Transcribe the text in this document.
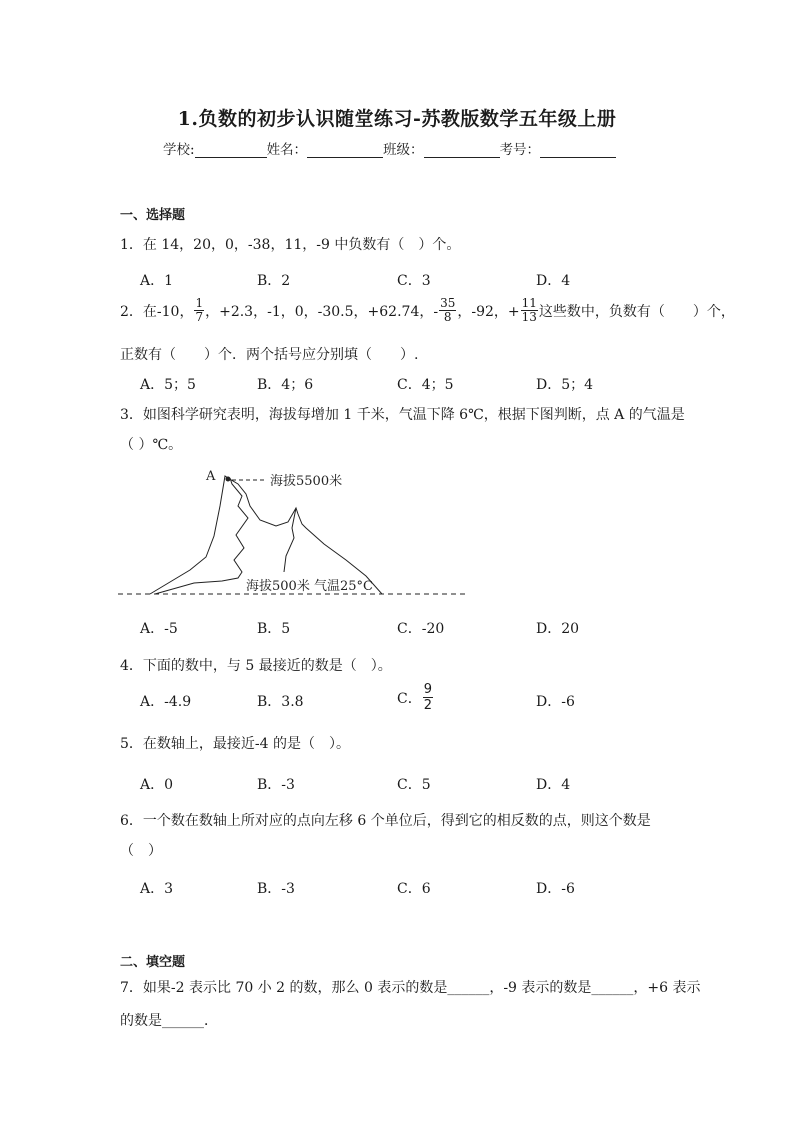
1.负数的初步认识随堂练习-苏教版数学五年级上册
学校:	姓名：	班级：	考号：
一、选择题
1．在 14，20，0，-38，11，-9 中负数有（　）个。
A．1	B．2	C．3	D．4
2．在-10， $\frac{1}{7}$ ，+2.3，-1，0，-30.5，+62.74，- $\frac{35}{8}$ ，-92，+ $\frac{11}{13}$ 这些数中，负数有（　　）个，
正数有（　　）个．两个括号应分别填（　　）.
A．5；5	B．4；6	C．4；5	D．5；4
3．如图科学研究表明，海拔每增加 1 千米，气温下降 6℃，根据下图判断，点 A 的气温是
（ ）℃。
A	海拔5500米
海拔500米 气温25°C
A．-5	B．5	C．-20	D．20
4．下面的数中，与 5 最接近的数是（　）。
A．-4.9	B．3.8	C． $\frac{9}{2}$	D．-6
5．在数轴上，最接近-4 的是（　）。
A．0	B．-3	C．5	D．4
6．一个数在数轴上所对应的点向左移 6 个单位后，得到它的相反数的点，则这个数是
（　）
A．3	B．-3	C．6	D．-6
二、填空题
7．如果-2 表示比 70 小 2 的数，那么 0 表示的数是______，-9 表示的数是______，+6 表示
的数是______．
